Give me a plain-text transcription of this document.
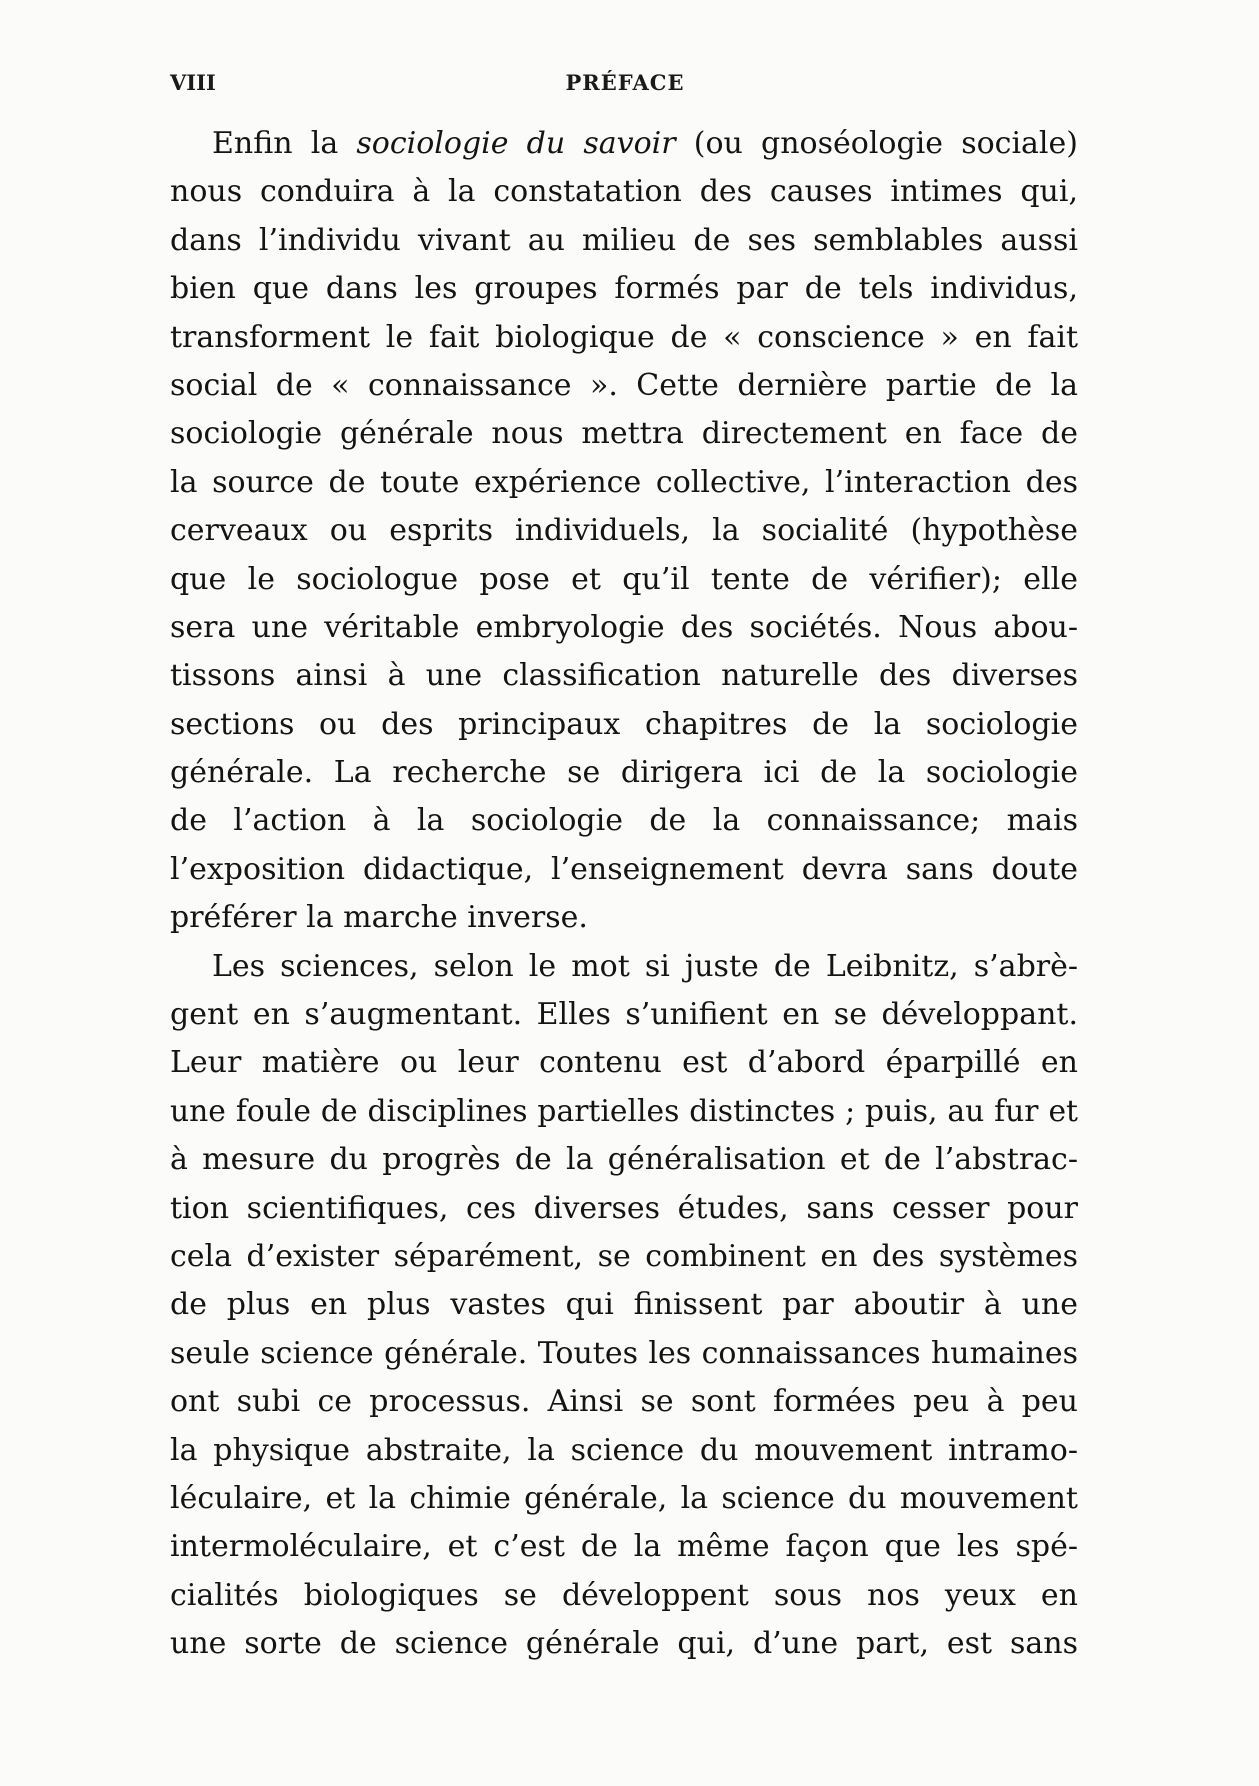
VIII	PRÉFACE
Enfin la sociologie du savoir (ou gnoséologie sociale)
nous conduira à la constatation des causes intimes qui,
dans l’individu vivant au milieu de ses semblables aussi
bien que dans les groupes formés par de tels individus,
transforment le fait biologique de « conscience » en fait
social de « connaissance ». Cette dernière partie de la
sociologie générale nous mettra directement en face de
la source de toute expérience collective, l’interaction des
cerveaux ou esprits individuels, la socialité (hypothèse
que le sociologue pose et qu’il tente de vérifier); elle
sera une véritable embryologie des sociétés. Nous abou-
tissons ainsi à une classification naturelle des diverses
sections ou des principaux chapitres de la sociologie
générale. La recherche se dirigera ici de la sociologie
de l’action à la sociologie de la connaissance; mais
l’exposition didactique, l’enseignement devra sans doute
préférer la marche inverse.
Les sciences, selon le mot si juste de Leibnitz, s’abrè-
gent en s’augmentant. Elles s’unifient en se développant.
Leur matière ou leur contenu est d’abord éparpillé en
une foule de disciplines partielles distinctes ; puis, au fur et
à mesure du progrès de la généralisation et de l’abstrac-
tion scientifiques, ces diverses études, sans cesser pour
cela d’exister séparément, se combinent en des systèmes
de plus en plus vastes qui finissent par aboutir à une
seule science générale. Toutes les connaissances humaines
ont subi ce processus. Ainsi se sont formées peu à peu
la physique abstraite, la science du mouvement intramo-
léculaire, et la chimie générale, la science du mouvement
intermoléculaire, et c’est de la même façon que les spé-
cialités biologiques se développent sous nos yeux en
une sorte de science générale qui, d’une part, est sans
